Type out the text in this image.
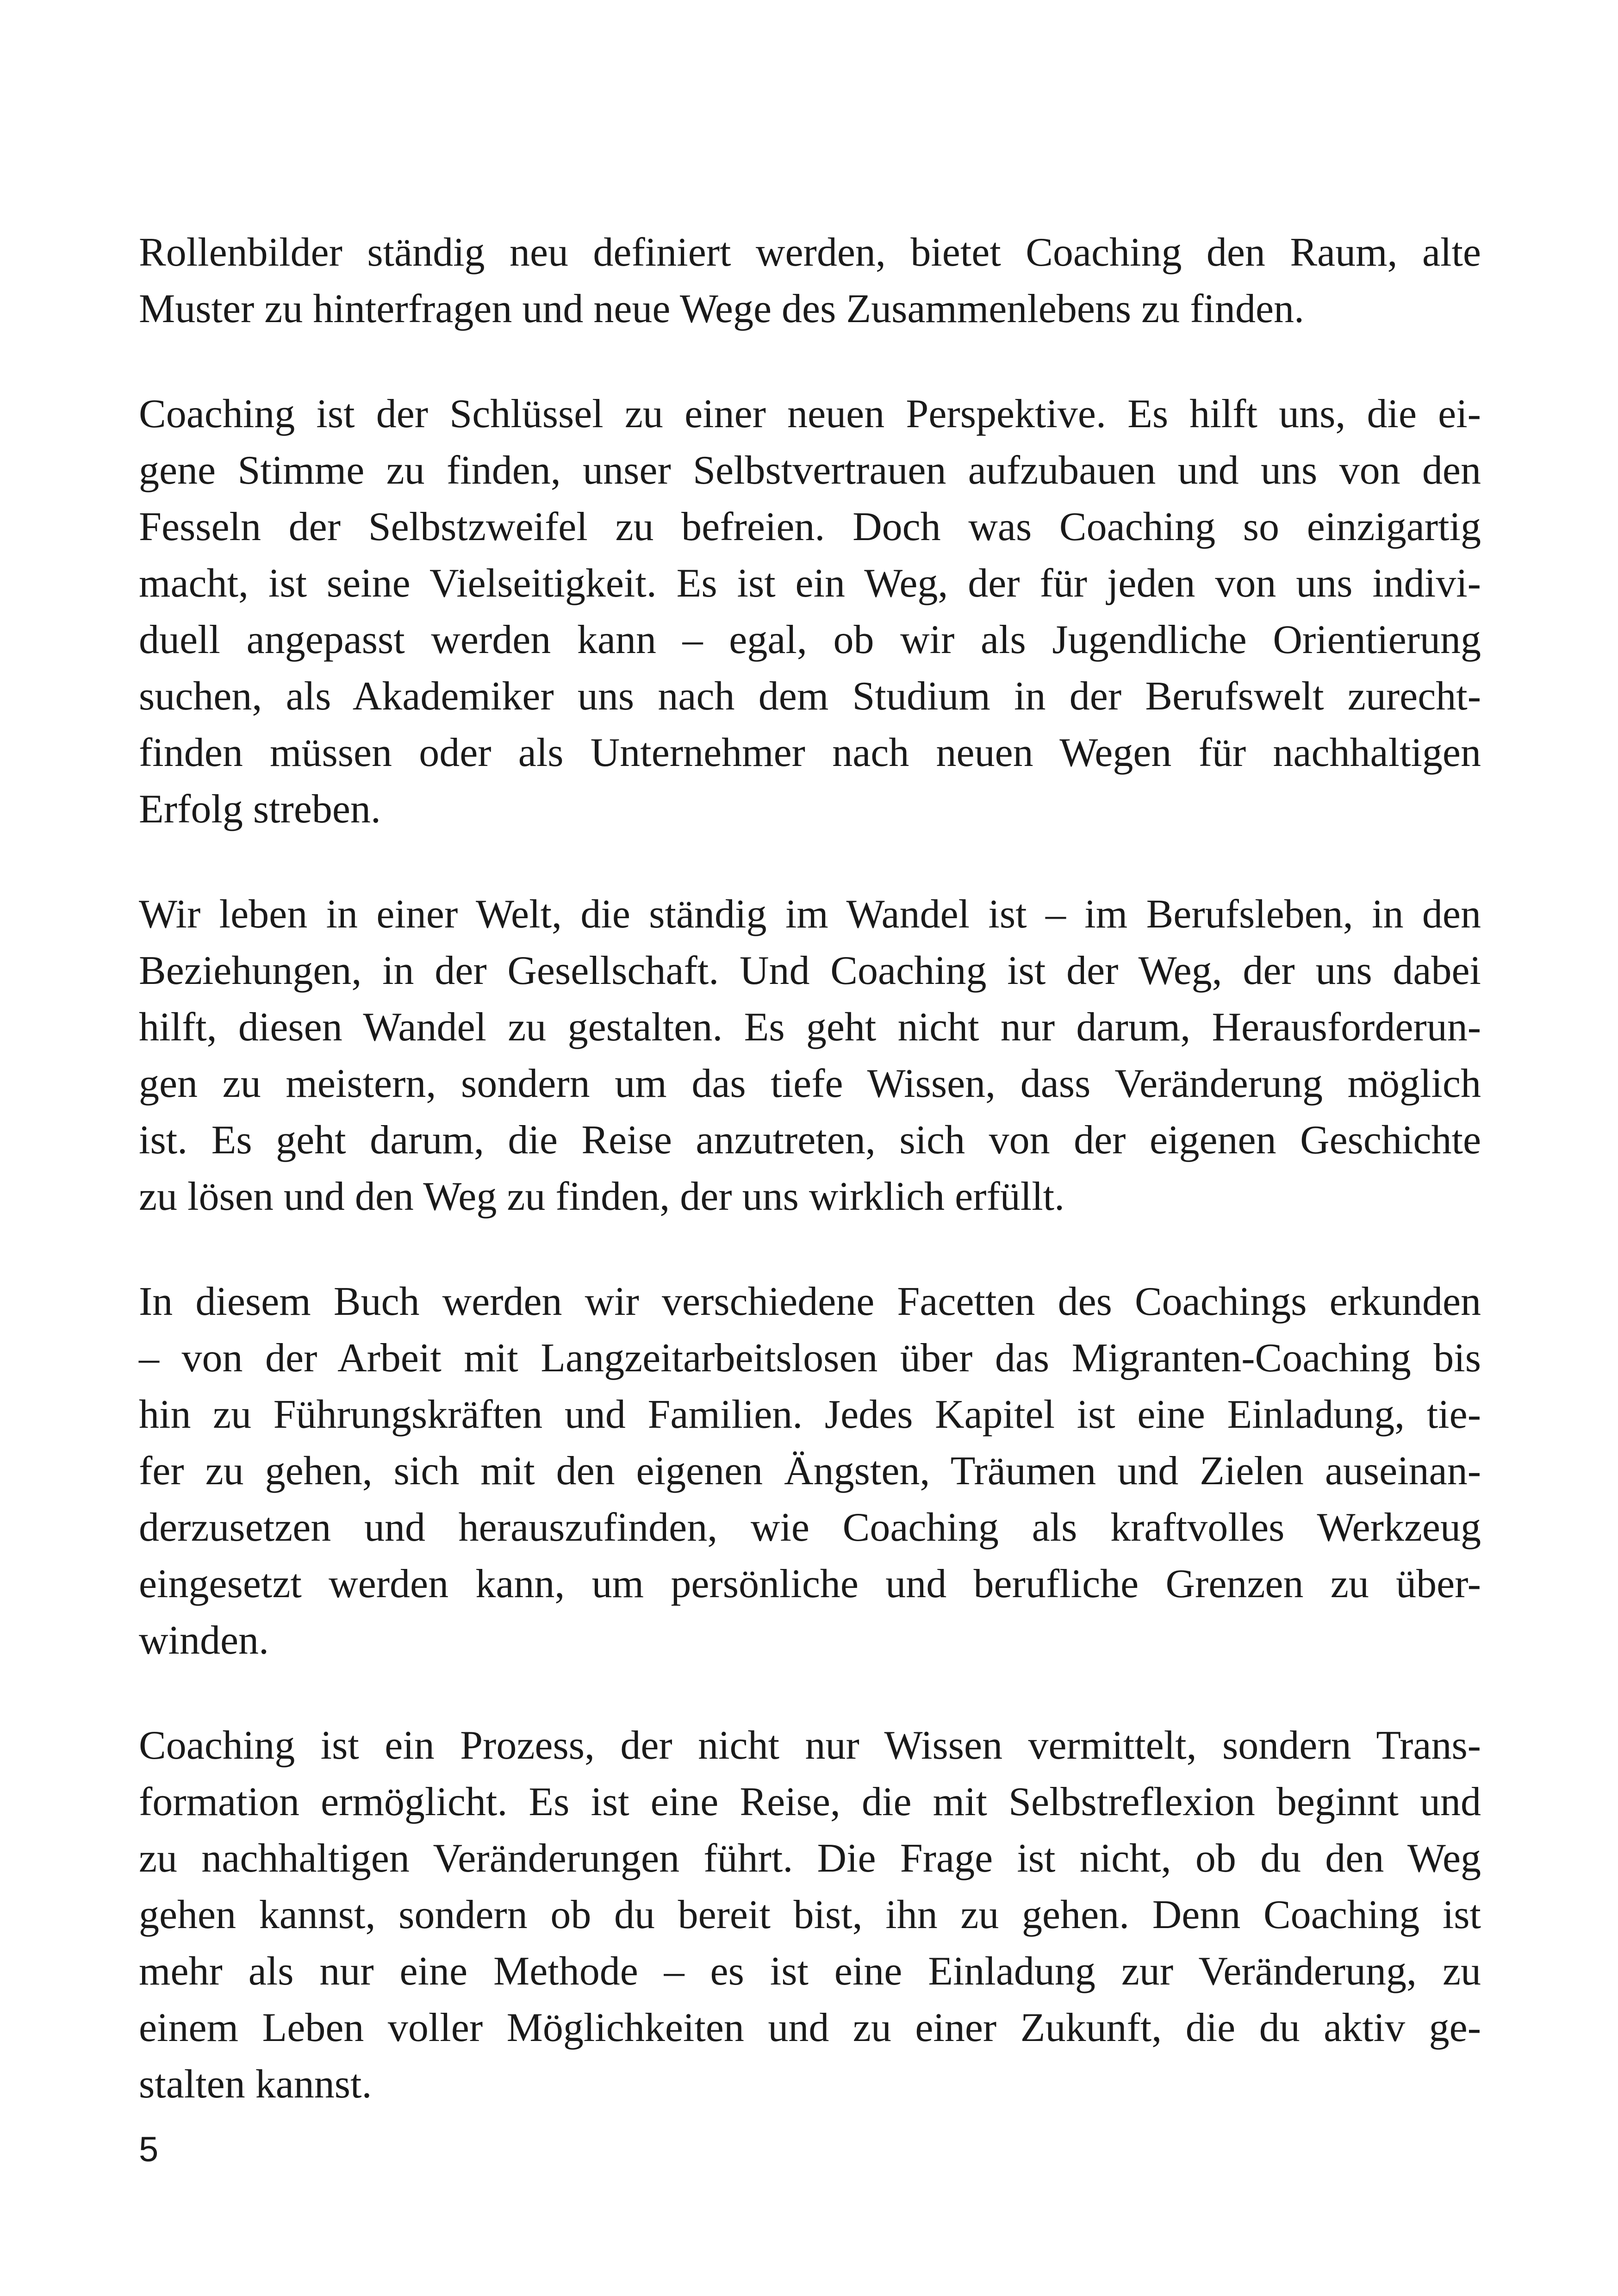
Rollenbilder ständig neu definiert werden, bietet Coaching den Raum, alte
Muster zu hinterfragen und neue Wege des Zusammenlebens zu finden.

Coaching ist der Schlüssel zu einer neuen Perspektive. Es hilft uns, die ei-
gene Stimme zu finden, unser Selbstvertrauen aufzubauen und uns von den
Fesseln der Selbstzweifel zu befreien. Doch was Coaching so einzigartig
macht, ist seine Vielseitigkeit. Es ist ein Weg, der für jeden von uns indivi-
duell angepasst werden kann – egal, ob wir als Jugendliche Orientierung
suchen, als Akademiker uns nach dem Studium in der Berufswelt zurecht-
finden müssen oder als Unternehmer nach neuen Wegen für nachhaltigen
Erfolg streben.

Wir leben in einer Welt, die ständig im Wandel ist – im Berufsleben, in den
Beziehungen, in der Gesellschaft. Und Coaching ist der Weg, der uns dabei
hilft, diesen Wandel zu gestalten. Es geht nicht nur darum, Herausforderun-
gen zu meistern, sondern um das tiefe Wissen, dass Veränderung möglich
ist. Es geht darum, die Reise anzutreten, sich von der eigenen Geschichte
zu lösen und den Weg zu finden, der uns wirklich erfüllt.

In diesem Buch werden wir verschiedene Facetten des Coachings erkunden
– von der Arbeit mit Langzeitarbeitslosen über das Migranten-Coaching bis
hin zu Führungskräften und Familien. Jedes Kapitel ist eine Einladung, tie-
fer zu gehen, sich mit den eigenen Ängsten, Träumen und Zielen auseinan-
derzusetzen und herauszufinden, wie Coaching als kraftvolles Werkzeug
eingesetzt werden kann, um persönliche und berufliche Grenzen zu über-
winden.

Coaching ist ein Prozess, der nicht nur Wissen vermittelt, sondern Trans-
formation ermöglicht. Es ist eine Reise, die mit Selbstreflexion beginnt und
zu nachhaltigen Veränderungen führt. Die Frage ist nicht, ob du den Weg
gehen kannst, sondern ob du bereit bist, ihn zu gehen. Denn Coaching ist
mehr als nur eine Methode – es ist eine Einladung zur Veränderung, zu
einem Leben voller Möglichkeiten und zu einer Zukunft, die du aktiv ge-
stalten kannst.

5
